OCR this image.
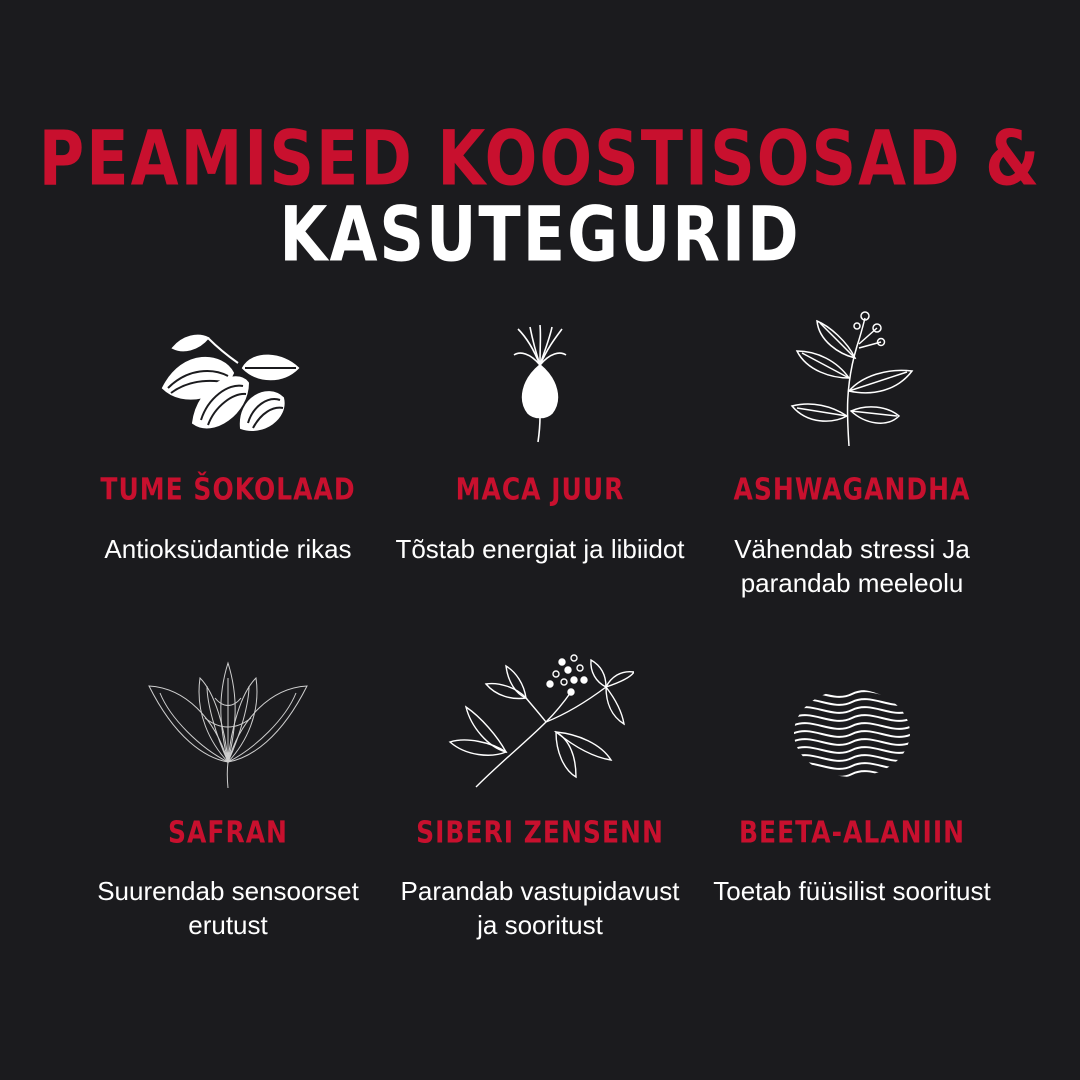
PEAMISED KOOSTISOSAD &
KASUTEGURID
TUME ŠOKOLAAD
Antioksüdantide rikas
MACA JUUR
Tõstab energiat ja libiidot
ASHWAGANDHA
Vähendab stressi Ja parandab meeleolu
SAFRAN
Suurendab sensoorset erutust
SIBERI ZENSENN
Parandab vastupidavust ja sooritust
BEETA-ALANIIN
Toetab füüsilist sooritust
